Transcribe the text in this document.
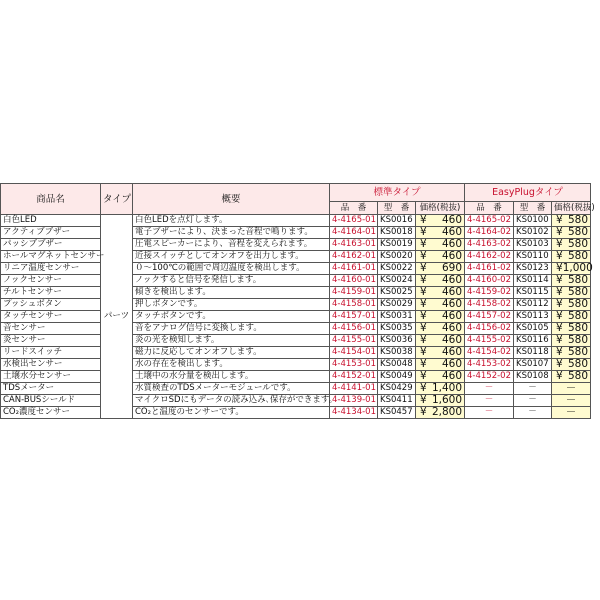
商品名	タイプ	概要	標準タイプ			EasyPlugタイプ		
			品　番	型　番	価格(税抜)	品　番	型　番	価格(税抜)
白色LED	パーツ	白色LEDを点灯します。	4-4165-01	KS0016	¥ 460	4-4165-02	KS0100	¥ 580
アクティブブザー		電子ブザーにより、決まった音程で鳴ります。	4-4164-01	KS0018	¥ 460	4-4164-02	KS0102	¥ 580
パッシブブザー		圧電スピーカーにより、音程を変えられます。	4-4163-01	KS0019	¥ 460	4-4163-02	KS0103	¥ 580
ホールマグネットセンサー		近接スイッチとしてオンオフを出力します。	4-4162-01	KS0020	¥ 460	4-4162-02	KS0110	¥ 580
リニア温度センサー		０～100℃の範囲で周辺温度を検出します。	4-4161-01	KS0022	¥ 690	4-4161-02	KS0123	¥ 1,000
ノックセンサー		ノックすると信号を発信します。	4-4160-01	KS0024	¥ 460	4-4160-02	KS0114	¥ 580
チルトセンサー		傾きを検出します。	4-4159-01	KS0025	¥ 460	4-4159-02	KS0115	¥ 580
プッシュボタン		押しボタンです。	4-4158-01	KS0029	¥ 460	4-4158-02	KS0112	¥ 580
タッチセンサー		タッチボタンです。	4-4157-01	KS0031	¥ 460	4-4157-02	KS0113	¥ 580
音センサー		音をアナログ信号に変換します。	4-4156-01	KS0035	¥ 460	4-4156-02	KS0105	¥ 580
炎センサー		炎の光を検知します。	4-4155-01	KS0036	¥ 460	4-4155-02	KS0116	¥ 580
リードスイッチ		磁力に反応してオンオフします。	4-4154-01	KS0038	¥ 460	4-4154-02	KS0118	¥ 580
水検出センサー		水の存在を検出します。	4-4153-01	KS0048	¥ 460	4-4153-02	KS0107	¥ 580
土壌水分センサー		土壌中の水分量を検出します。	4-4152-01	KS0049	¥ 460	4-4152-02	KS0108	¥ 580
TDSメーター		水質検査のTDSメーターモジュールです。	4-4141-01	KS0429	¥ 1,400	－	－	－
CAN-BUSシールド		マイクロSDにもデータの読み込み､保存ができます。	4-4139-01	KS0411	¥ 1,600	－	－	－
CO₂濃度センサー		CO₂と温度のセンサーです。	4-4134-01	KS0457	¥ 2,800	－	－	－
